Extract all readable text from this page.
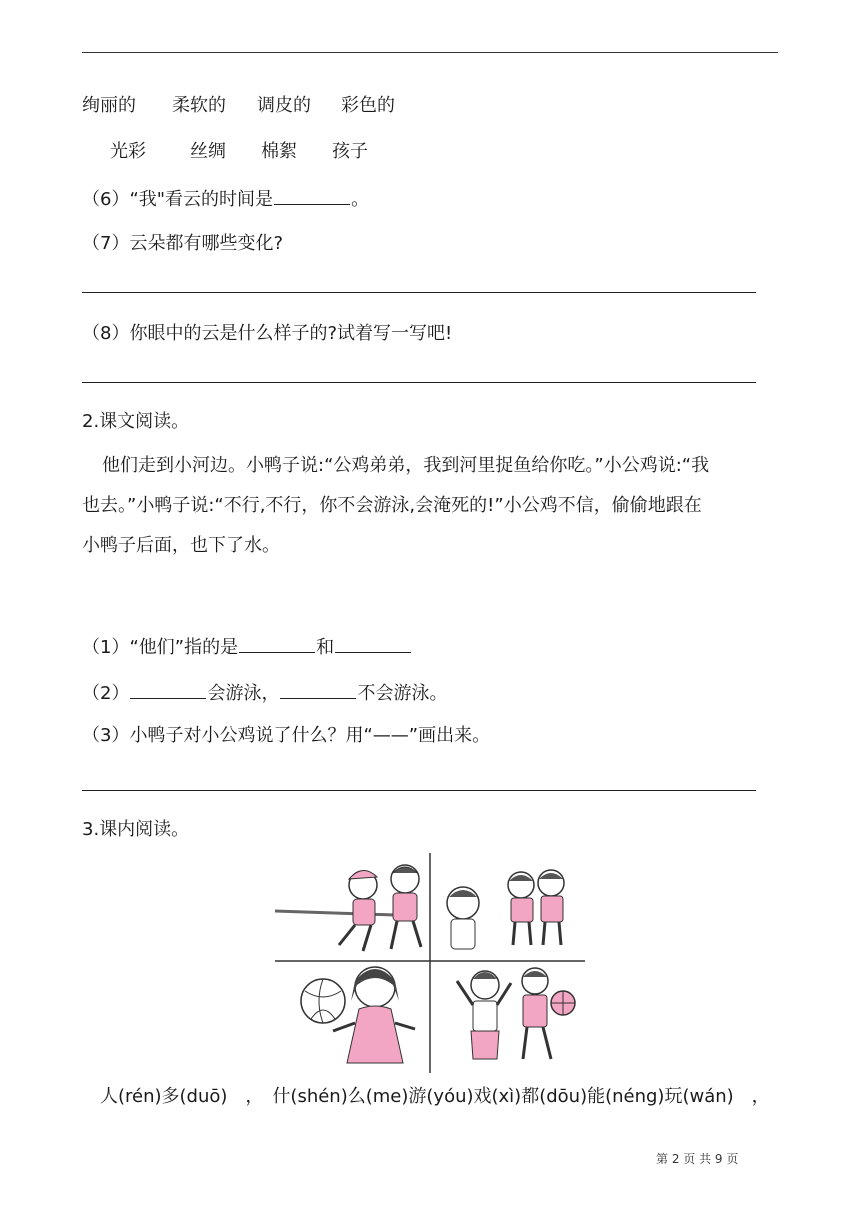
绚丽的 柔软的 调皮的 彩色的
光彩 丝绸 棉絮 孩子
（6）“我"看云的时间是	。
（7）云朵都有哪些变化?
（8）你眼中的云是什么样子的?试着写一写吧!
2.课文阅读。
他们走到小河边。小鸭子说:“公鸡弟弟，我到河里捉鱼给你吃。”小公鸡说:“我
也去。”小鸭子说:“不行,不行，你不会游泳,会淹死的!”小公鸡不信，偷偷地跟在
小鸭子后面，也下了水。
（1）“他们”指的是	和
（2）	会游泳，	不会游泳。
（3）小鸭子对小公鸡说了什么？用“——”画出来。
3.课内阅读。
人(rén)多(duō)　，　什(shén)么(me)游(yóu)戏(xì)都(dōu)能(néng)玩(wán)　，
第 2 页 共 9 页
